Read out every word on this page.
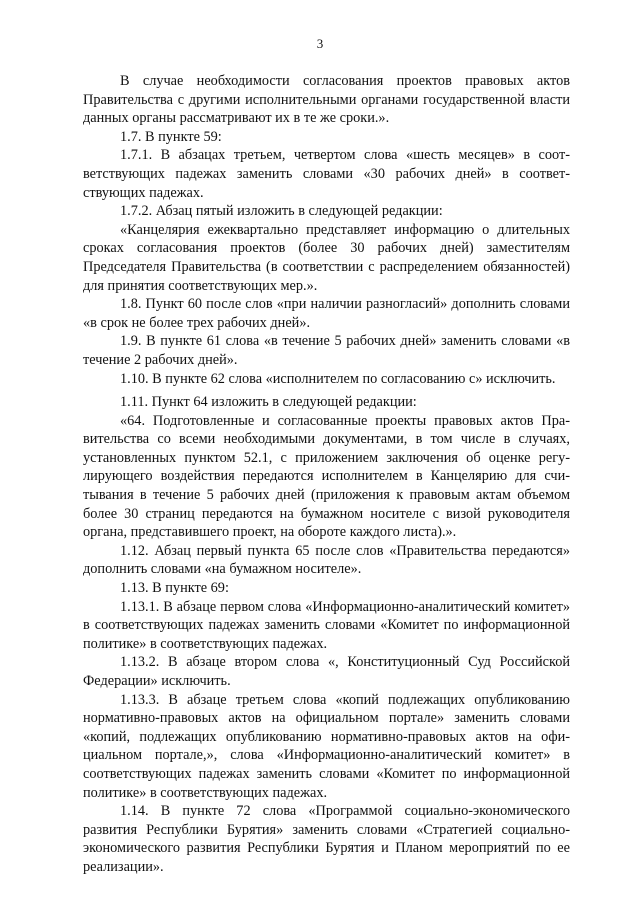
3

В случае необходимости согласования проектов правовых актов Правительства с другими исполнительными органами государственной власти данных органы рассматривают их в те же сроки.».

1.7. В пункте 59:

1.7.1. В абзацах третьем, четвертом слова «шесть месяцев» в соответствующих падежах заменить словами «30 рабочих дней» в соответствующих падежах.

1.7.2. Абзац пятый изложить в следующей редакции:

«Канцелярия ежеквартально представляет информацию о длительных сроках согласования проектов (более 30 рабочих дней) заместителям Председателя Правительства (в соответствии с распределением обязанностей) для принятия соответствующих мер.».

1.8. Пункт 60 после слов «при наличии разногласий» дополнить словами «в срок не более трех рабочих дней».

1.9. В пункте 61 слова «в течение 5 рабочих дней» заменить словами «в течение 2 рабочих дней».

1.10. В пункте 62 слова «исполнителем по согласованию с» исключить.

1.11. Пункт 64 изложить в следующей редакции:

«64. Подготовленные и согласованные проекты правовых актов Правительства со всеми необходимыми документами, в том числе в случаях, установленных пунктом 52.1, с приложением заключения об оценке регулирующего воздействия передаются исполнителем в Канцелярию для считывания в течение 5 рабочих дней (приложения к правовым актам объемом более 30 страниц передаются на бумажном носителе с визой руководителя органа, представившего проект, на обороте каждого листа).».

1.12. Абзац первый пункта 65 после слов «Правительства передаются» дополнить словами «на бумажном носителе».

1.13. В пункте 69:

1.13.1. В абзаце первом слова «Информационно-аналитический комитет» в соответствующих падежах заменить словами «Комитет по информационной политике» в соответствующих падежах.

1.13.2. В абзаце втором слова «, Конституционный Суд Российской Федерации» исключить.

1.13.3. В абзаце третьем слова «копий подлежащих опубликованию нормативно-правовых актов на официальном портале» заменить словами «копий, подлежащих опубликованию нормативно-правовых актов на официальном портале,», слова «Информационно-аналитический комитет» в соответствующих падежах заменить словами «Комитет по информационной политике» в соответствующих падежах.

1.14. В пункте 72 слова «Программой социально-экономического развития Республики Бурятия» заменить словами «Стратегией социально-экономического развития Республики Бурятия и Планом мероприятий по ее реализации».
